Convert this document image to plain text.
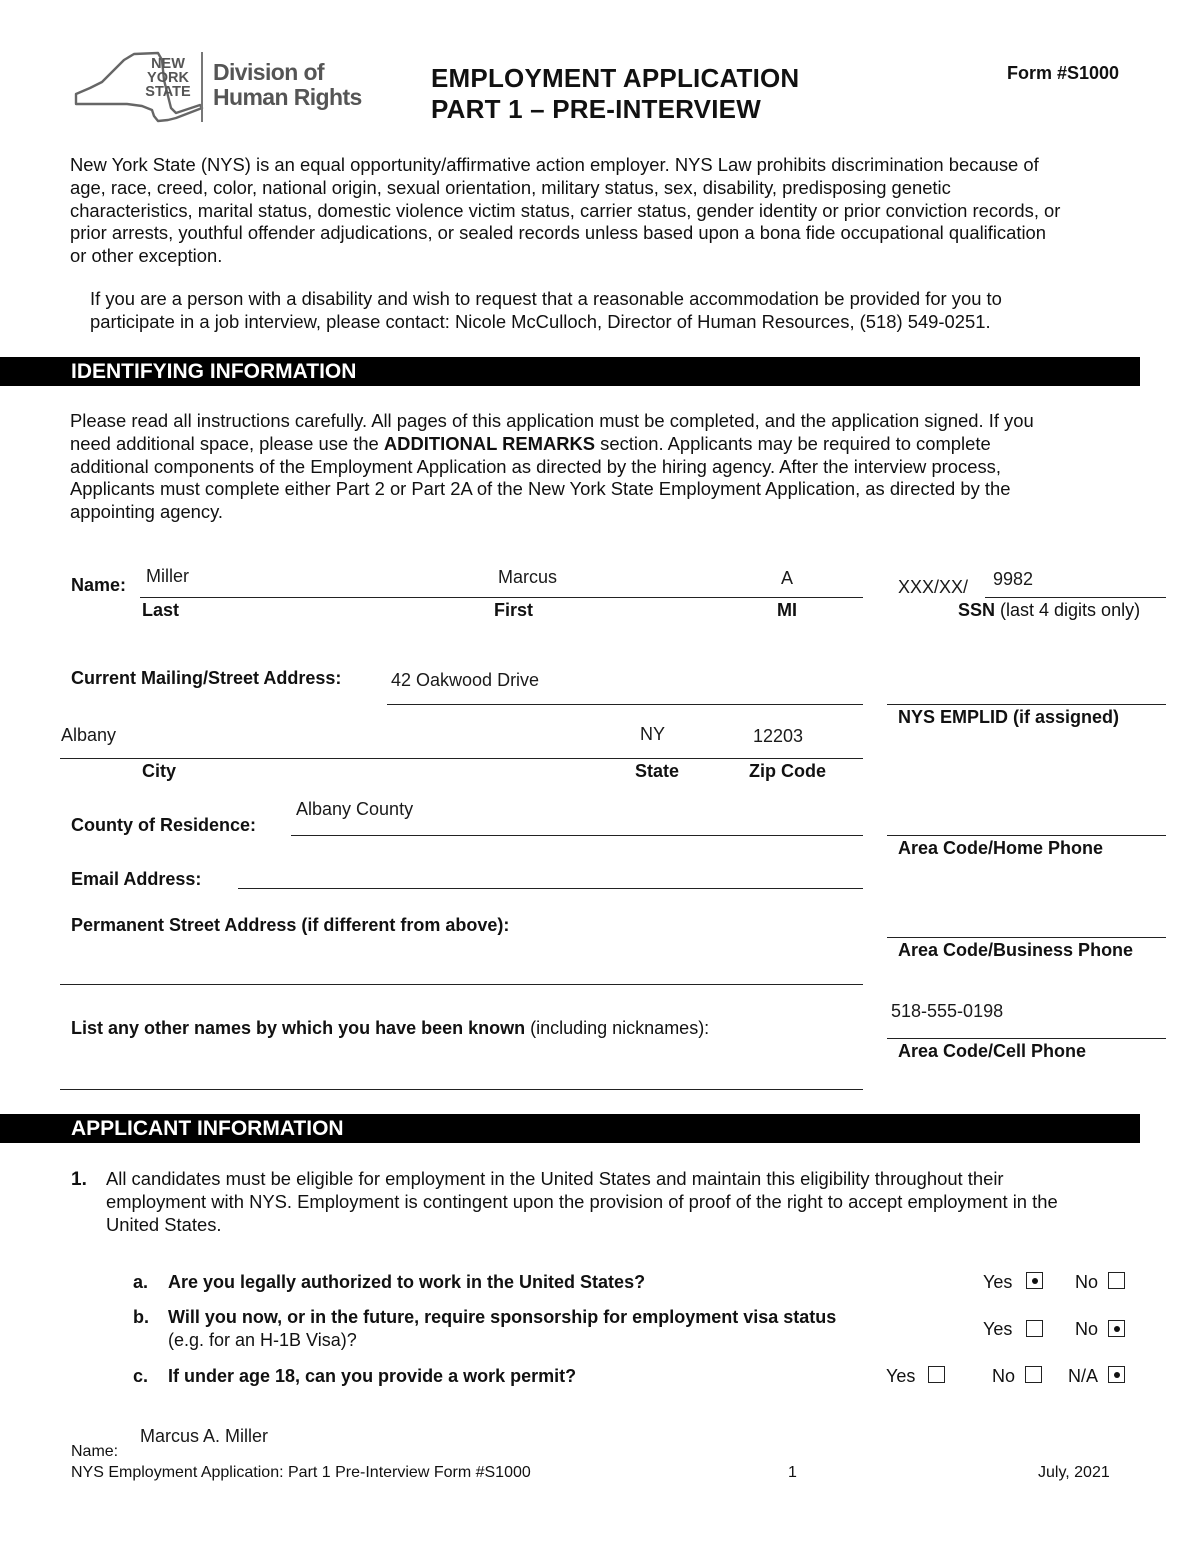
NEW
YORK
STATE
Division of
Human Rights
EMPLOYMENT APPLICATION
PART 1 – PRE-INTERVIEW
Form #S1000
New York State (NYS) is an equal opportunity/affirmative action employer. NYS Law prohibits discrimination because of
age, race, creed, color, national origin, sexual orientation, military status, sex, disability, predisposing genetic
characteristics, marital status, domestic violence victim status, carrier status, gender identity or prior conviction records, or
prior arrests, youthful offender adjudications, or sealed records unless based upon a bona fide occupational qualification
or other exception.
If you are a person with a disability and wish to request that a reasonable accommodation be provided for you to
participate in a job interview, please contact: Nicole McCulloch, Director of Human Resources, (518) 549-0251.
IDENTIFYING INFORMATION
Please read all instructions carefully. All pages of this application must be completed, and the application signed. If you
need additional space, please use the ADDITIONAL REMARKS section. Applicants may be required to complete
additional components of the Employment Application as directed by the hiring agency. After the interview process,
Applicants must complete either Part 2 or Part 2A of the New York State Employment Application, as directed by the
appointing agency.
Name: Miller	Marcus	A
Last	First	MI
XXX/XX/ 9982
SSN (last 4 digits only)
Current Mailing/Street Address:	42 Oakwood Drive
NYS EMPLID (if assigned)
Albany	NY	12203
City	State	Zip Code
Albany County
County of Residence:
Area Code/Home Phone
Email Address:
Permanent Street Address (if different from above):
Area Code/Business Phone
518-555-0198
List any other names by which you have been known (including nicknames):
Area Code/Cell Phone
APPLICANT INFORMATION
1. All candidates must be eligible for employment in the United States and maintain this eligibility throughout their
employment with NYS. Employment is contingent upon the provision of proof of the right to accept employment in the
United States.
a. Are you legally authorized to work in the United States?	Yes	No
b. Will you now, or in the future, require sponsorship for employment visa status
(e.g. for an H-1B Visa)?
Yes	No
c. If under age 18, can you provide a work permit?	Yes	No	N/A
Marcus A. Miller
Name:
NYS Employment Application: Part 1 Pre-Interview Form #S1000	1	July, 2021
